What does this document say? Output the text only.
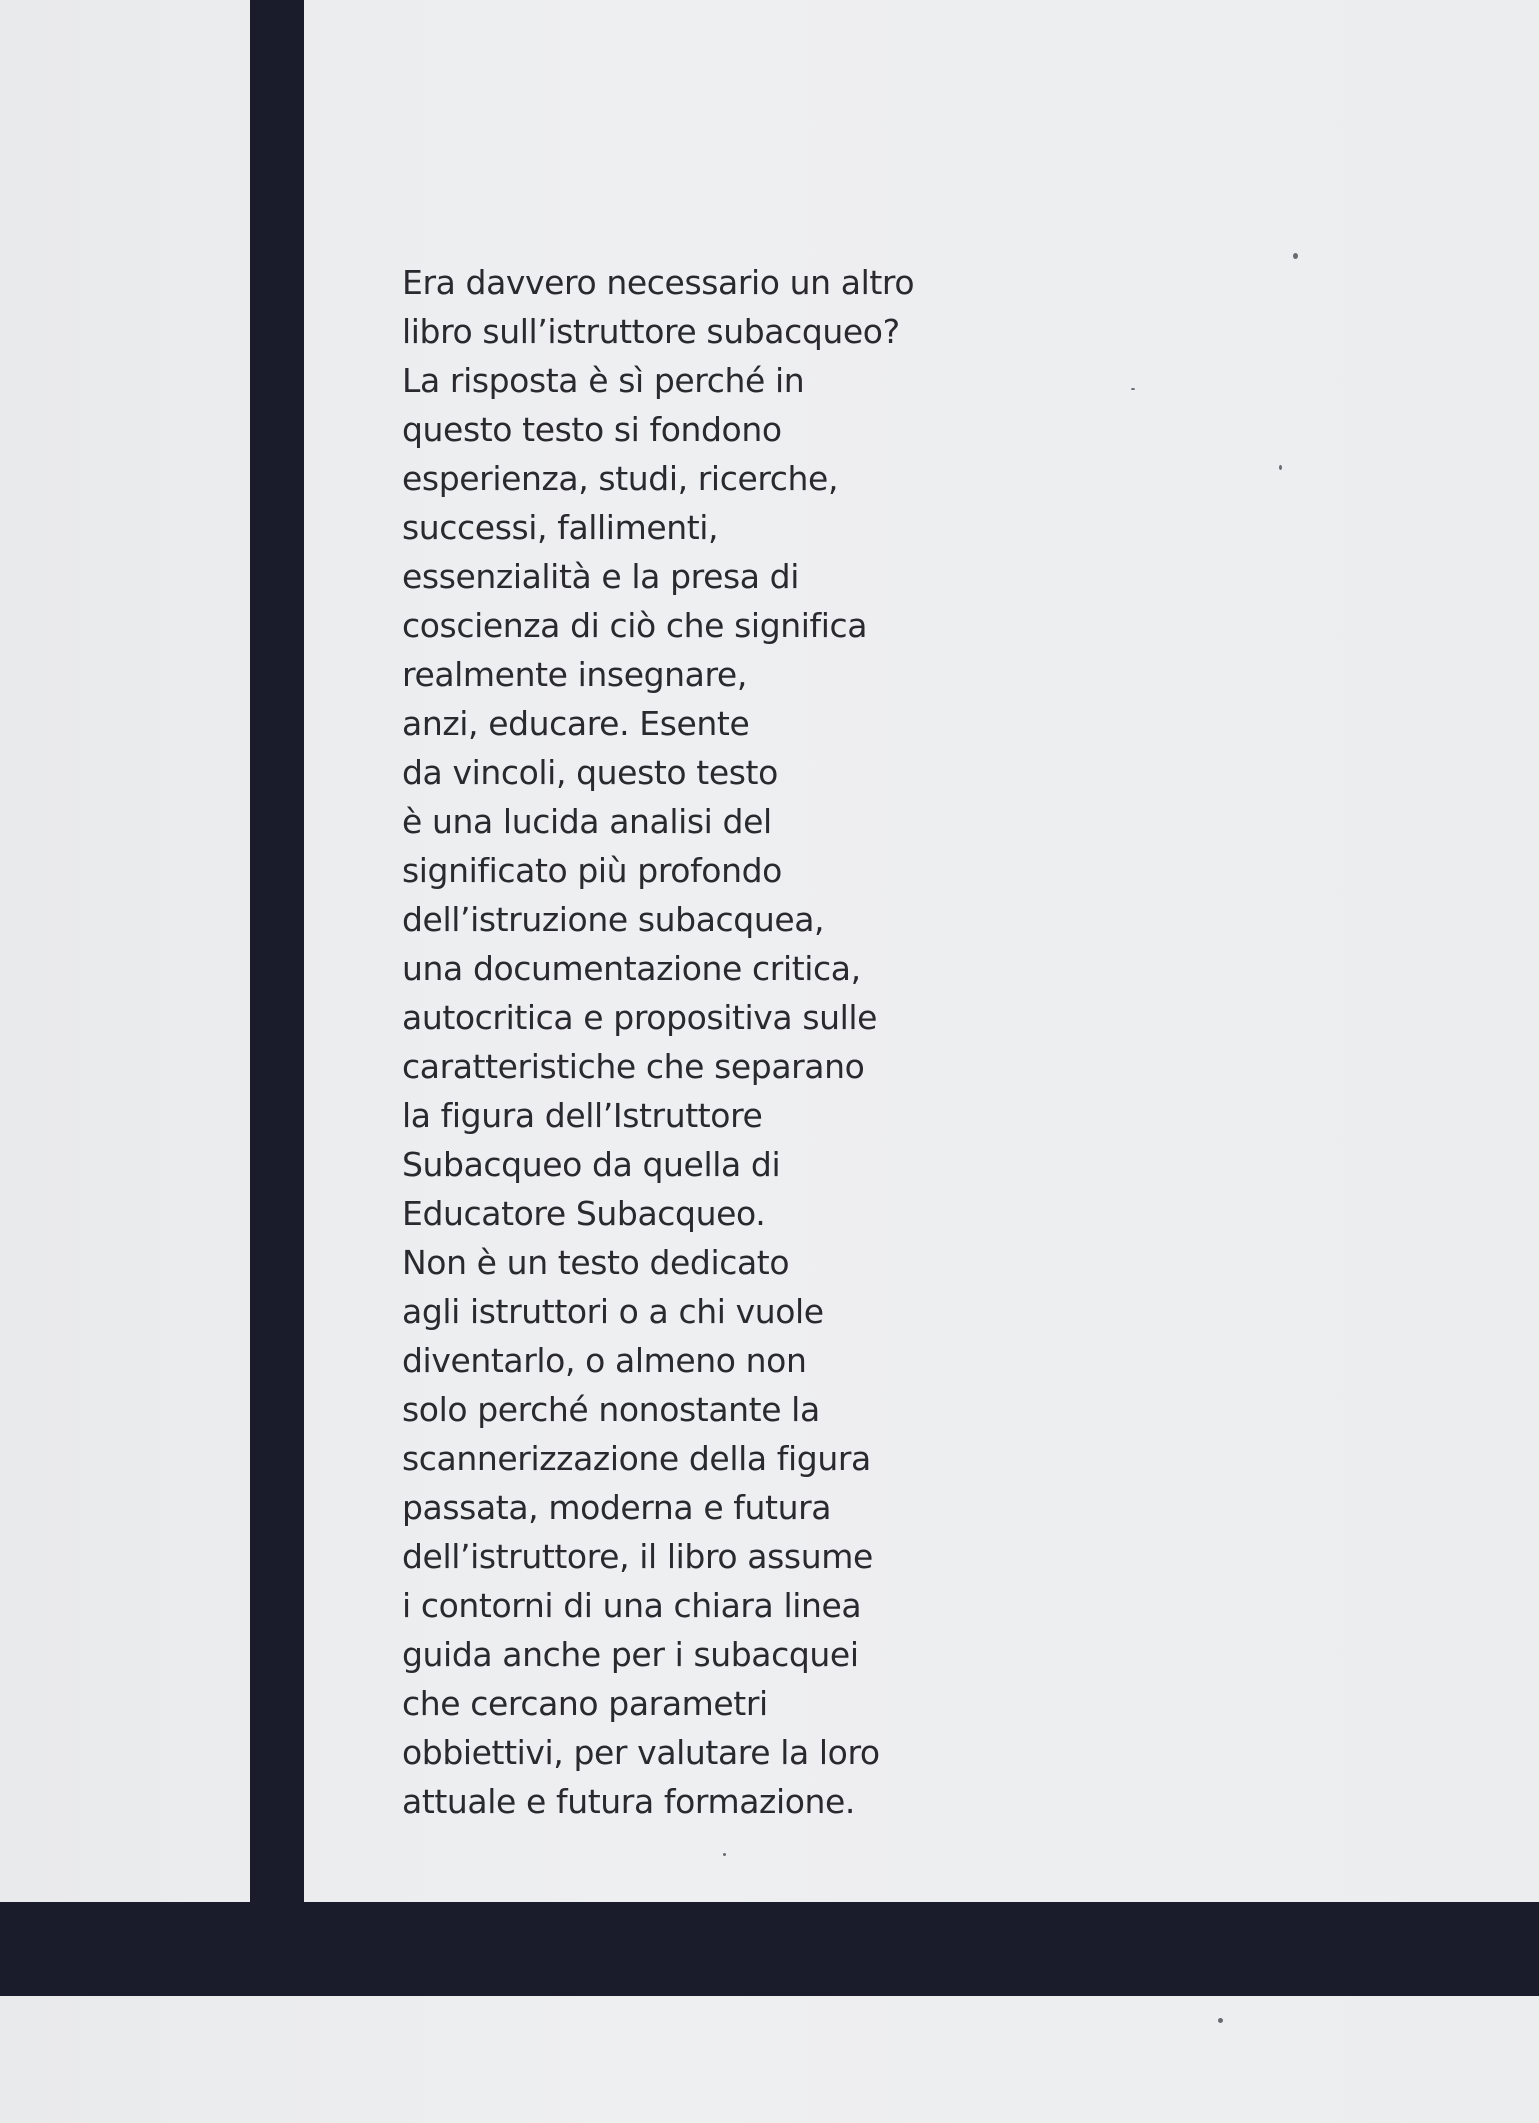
Era davvero necessario un altro
libro sull’istruttore subacqueo?
La risposta è sì perché in
questo testo si fondono
esperienza, studi, ricerche,
successi, fallimenti,
essenzialità e la presa di
coscienza di ciò che significa
realmente insegnare,
anzi, educare. Esente
da vincoli, questo testo
è una lucida analisi del
significato più profondo
dell’istruzione subacquea,
una documentazione critica,
autocritica e propositiva sulle
caratteristiche che separano
la figura dell’Istruttore
Subacqueo da quella di
Educatore Subacqueo.
Non è un testo dedicato
agli istruttori o a chi vuole
diventarlo, o almeno non
solo perché nonostante la
scannerizzazione della figura
passata, moderna e futura
dell’istruttore, il libro assume
i contorni di una chiara linea
guida anche per i subacquei
che cercano parametri
obbiettivi, per valutare la loro
attuale e futura formazione.
